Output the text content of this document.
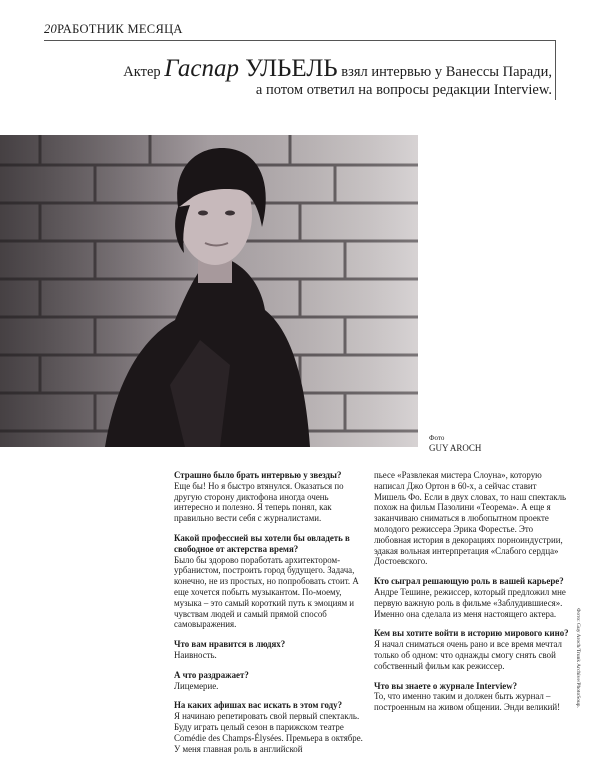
20РАБОТНИК МЕСЯЦА
Актер Гаспар УЛЬЕЛЬ взял интервью у Ванессы Паради,
а потом ответил на вопросы редакции Interview.
Фото
GUY AROCH
Страшно было брать интервью у звезды?
Еще бы! Но я быстро втянулся. Оказаться по другую сторону диктофона иногда очень интересно и полезно. Я теперь понял, как правильно вести себя с журналистами.
Какой профессией вы хотели бы овладеть в свободное от актерства время?
Было бы здорово поработать архитектором-урбанистом, построить город будущего. Задача, конечно, не из простых, но попробовать стоит. А еще хочется побыть музыкантом. По-моему, музыка – это самый короткий путь к эмоциям и чувствам людей и самый прямой способ самовыражения.
Что вам нравится в людях?
Наивность.
А что раздражает?
Лицемерие.
На каких афишах вас искать в этом году?
Я начинаю репетировать свой первый спектакль. Буду играть целый сезон в парижском театре Comédie des Champs-Élysées. Премьера в октябре. У меня главная роль в английской
пьесе «Развлекая мистера Слоуна», которую написал Джо Ортон в 60-х, а сейчас ставит Мишель Фо. Если в двух словах, то наш спектакль похож на фильм Пазолини «Теорема». А еще я заканчиваю сниматься в любопытном проекте молодого режиссера Эрика Форестье. Это любовная история в декорациях порноиндустрии, эдакая вольная интерпретация «Слабого сердца» Достоевского.
Кто сыграл решающую роль в вашей карьере?
Андре Тешине, режиссер, который предложил мне первую важную роль в фильме «Заблудившиеся». Именно она сделала из меня настоящего актера.
Кем вы хотите войти в историю мирового кино?
Я начал сниматься очень рано и все время мечтал только об одном: что однажды смогу снять свой собственный фильм как режиссер.
Что вы знаете о журнале Interview?
То, что именно таким и должен быть журнал – построенным на живом общении. Энди великий!	Фото: Guy Aroch/Trunk Archive/PhotoSoup.
